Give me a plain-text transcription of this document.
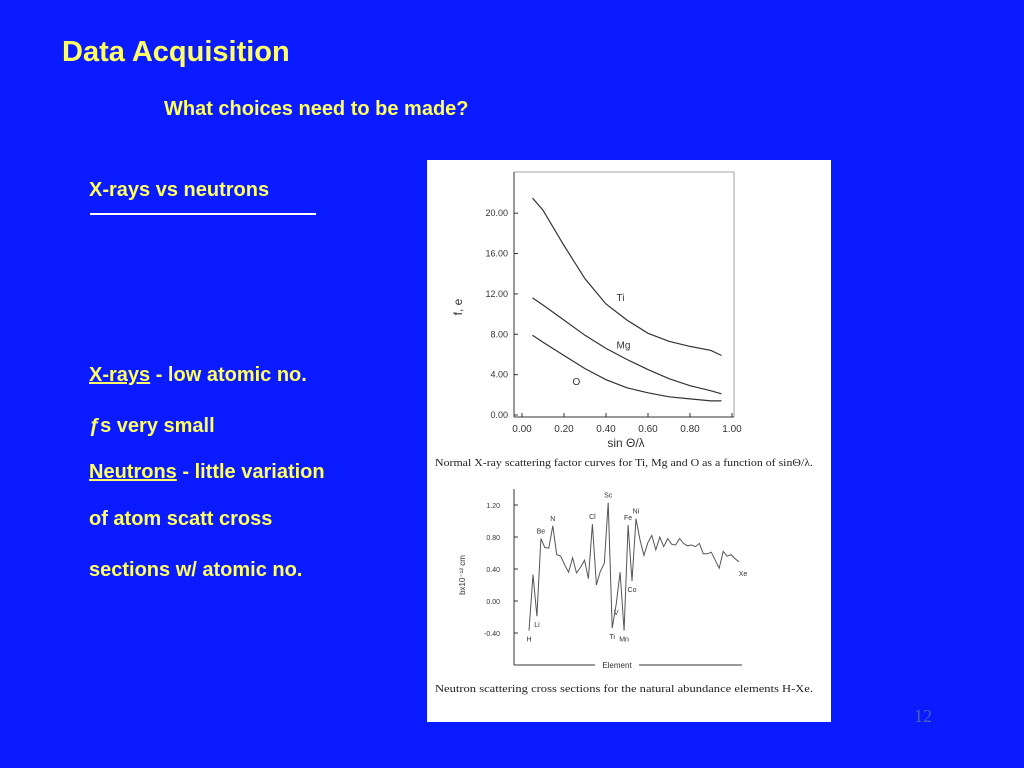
Data Acquisition
What choices need to be made?
X-rays vs neutrons
X-rays - low atomic no.
ƒs very small
Neutrons - little variation
of atom scatt cross
sections w/ atomic no.
0.00
4.00
8.00
12.00
16.00
20.00
0.00 0.20 0.40 0.60 0.80 1.00
sin Θ/λ
f, e
Ti
Mg
O
Normal X-ray scattering factor curves for Ti, Mg and O as a function of sinΘ/λ.
Element
1.20
0.80
0.40
0.00
-0.40
bx10⁻¹² cm
H
Li
Be
N	Cl
V
Sc
Ti Mn
Fe
Co
Ni
Xe
Neutron scattering cross sections for the natural abundance elements H-Xe.
12
